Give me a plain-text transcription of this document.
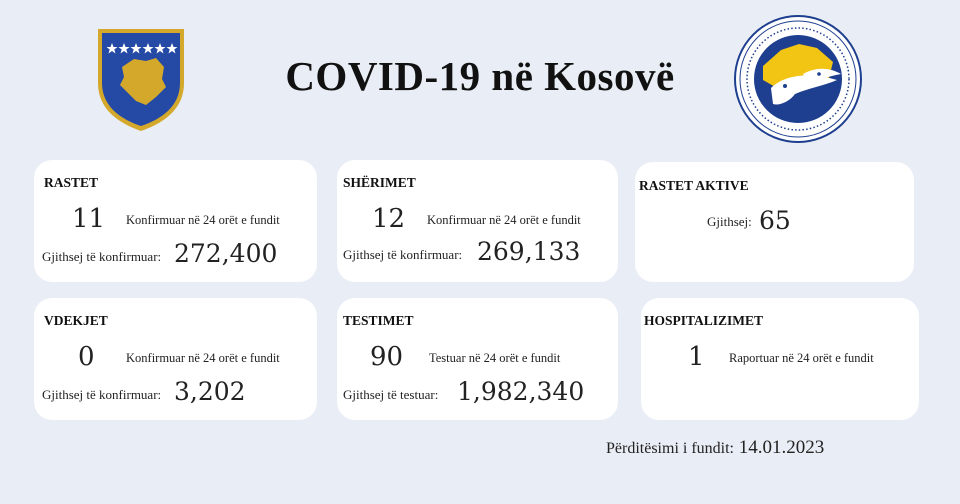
COVID-19 në Kosovë
RASTET
11 Konfirmuar në 24 orët e fundit
Gjithsej të konfirmuar: 272,400
SHËRIMET
12 Konfirmuar në 24 orët e fundit
Gjithsej të konfirmuar: 269,133
RASTET AKTIVE
Gjithsej: 65
VDEKJET
0	Konfirmuar në 24 orët e fundit
Gjithsej të konfirmuar: 3,202
TESTIMET
90 Testuar në 24 orët e fundit
Gjithsej të testuar: 1,982,340
HOSPITALIZIMET
1 Raportuar në 24 orët e fundit
Përditësimi i fundit: 14.01.2023
